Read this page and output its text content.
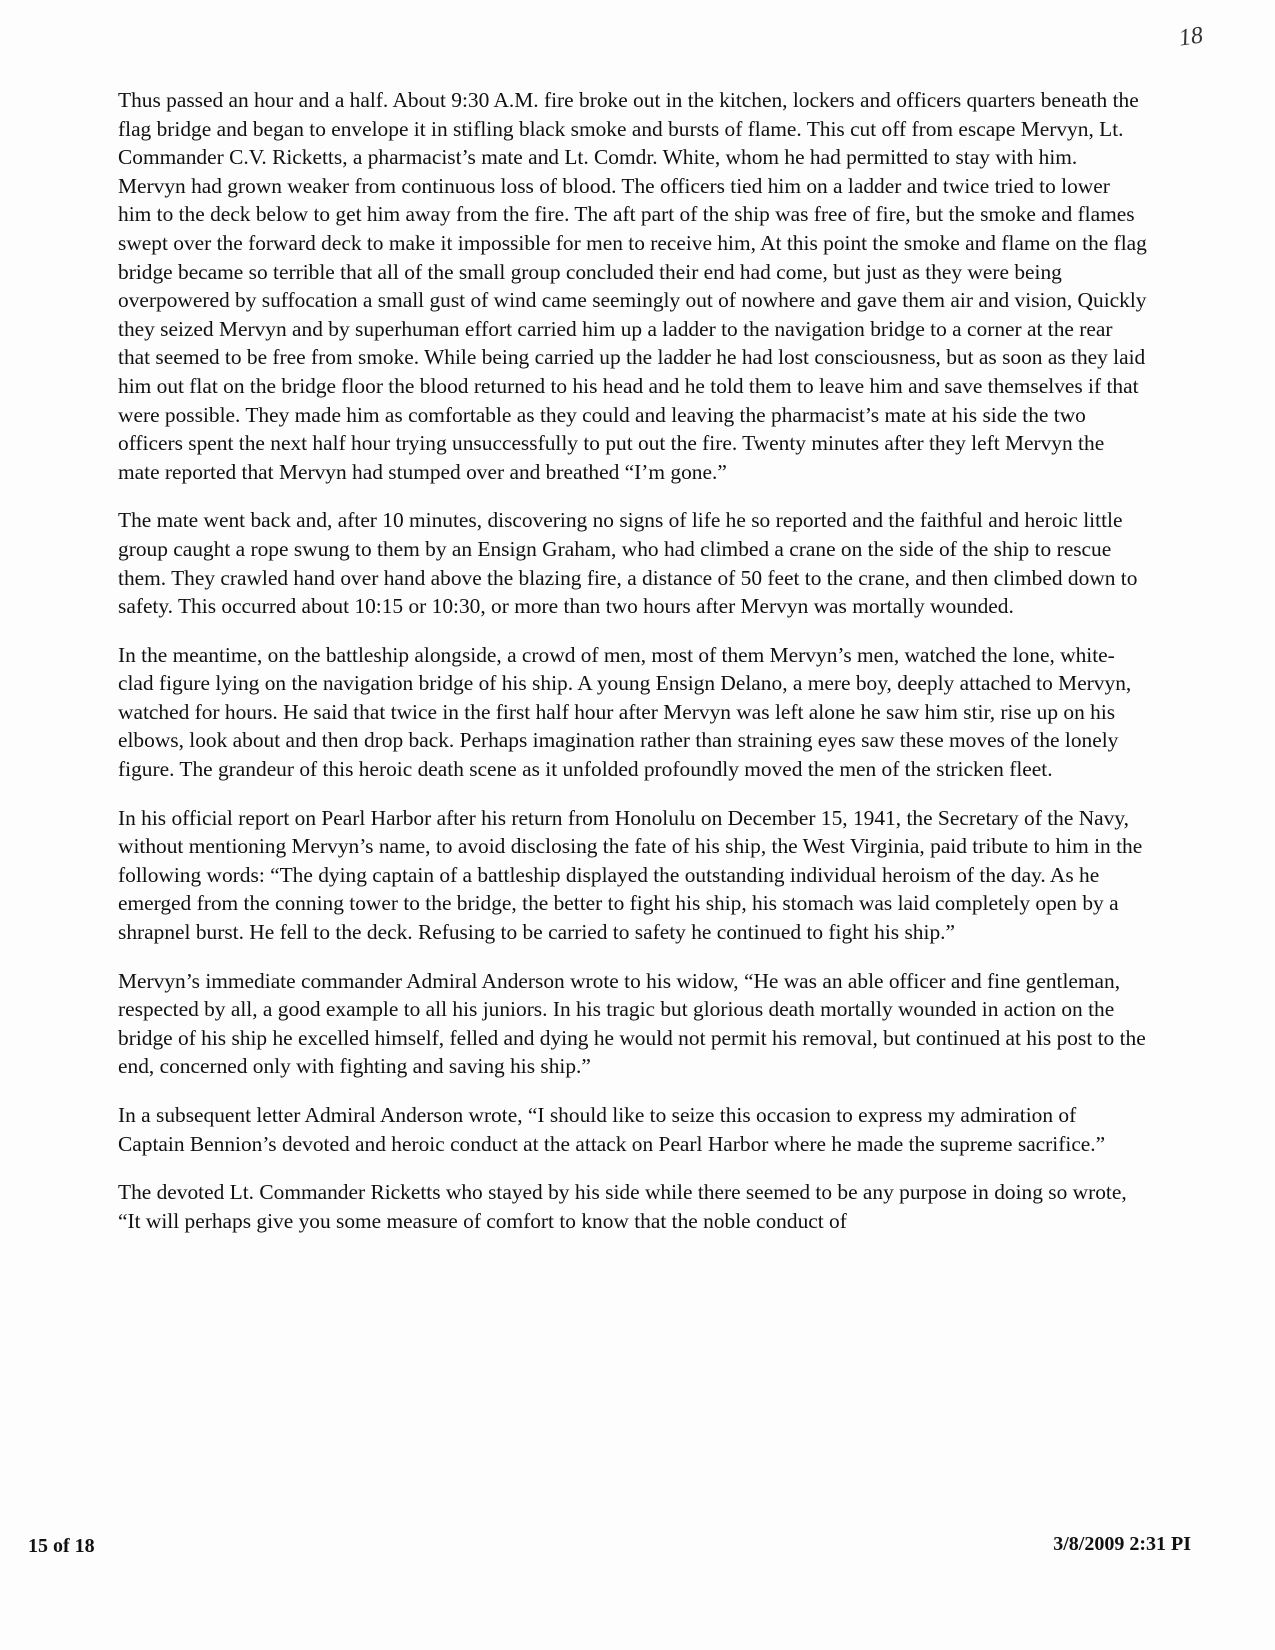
18

Thus passed an hour and a half. About 9:30 A.M. fire broke out in the kitchen, lockers and officers quarters beneath the flag bridge and began to envelope it in stifling black smoke and bursts of flame. This cut off from escape Mervyn, Lt. Commander C.V. Ricketts, a pharmacist’s mate and Lt. Comdr. White, whom he had permitted to stay with him. Mervyn had grown weaker from continuous loss of blood. The officers tied him on a ladder and twice tried to lower him to the deck below to get him away from the fire. The aft part of the ship was free of fire, but the smoke and flames swept over the forward deck to make it impossible for men to receive him, At this point the smoke and flame on the flag bridge became so terrible that all of the small group concluded their end had come, but just as they were being overpowered by suffocation a small gust of wind came seemingly out of nowhere and gave them air and vision, Quickly they seized Mervyn and by superhuman effort carried him up a ladder to the navigation bridge to a corner at the rear that seemed to be free from smoke. While being carried up the ladder he had lost consciousness, but as soon as they laid him out flat on the bridge floor the blood returned to his head and he told them to leave him and save themselves if that were possible. They made him as comfortable as they could and leaving the pharmacist’s mate at his side the two officers spent the next half hour trying unsuccessfully to put out the fire. Twenty minutes after they left Mervyn the mate reported that Mervyn had stumped over and breathed “I’m gone.”

The mate went back and, after 10 minutes, discovering no signs of life he so reported and the faithful and heroic little group caught a rope swung to them by an Ensign Graham, who had climbed a crane on the side of the ship to rescue them. They crawled hand over hand above the blazing fire, a distance of 50 feet to the crane, and then climbed down to safety. This occurred about 10:15 or 10:30, or more than two hours after Mervyn was mortally wounded.

In the meantime, on the battleship alongside, a crowd of men, most of them Mervyn’s men, watched the lone, white-clad figure lying on the navigation bridge of his ship. A young Ensign Delano, a mere boy, deeply attached to Mervyn, watched for hours. He said that twice in the first half hour after Mervyn was left alone he saw him stir, rise up on his elbows, look about and then drop back. Perhaps imagination rather than straining eyes saw these moves of the lonely figure. The grandeur of this heroic death scene as it unfolded profoundly moved the men of the stricken fleet.

In his official report on Pearl Harbor after his return from Honolulu on December 15, 1941, the Secretary of the Navy, without mentioning Mervyn’s name, to avoid disclosing the fate of his ship, the West Virginia, paid tribute to him in the following words: “The dying captain of a battleship displayed the outstanding individual heroism of the day. As he emerged from the conning tower to the bridge, the better to fight his ship, his stomach was laid completely open by a shrapnel burst. He fell to the deck. Refusing to be carried to safety he continued to fight his ship.”

Mervyn’s immediate commander Admiral Anderson wrote to his widow, “He was an able officer and fine gentleman, respected by all, a good example to all his juniors. In his tragic but glorious death mortally wounded in action on the bridge of his ship he excelled himself, felled and dying he would not permit his removal, but continued at his post to the end, concerned only with fighting and saving his ship.”

In a subsequent letter Admiral Anderson wrote, “I should like to seize this occasion to express my admiration of Captain Bennion’s devoted and heroic conduct at the attack on Pearl Harbor where he made the supreme sacrifice.”

The devoted Lt. Commander Ricketts who stayed by his side while there seemed to be any purpose in doing so wrote, “It will perhaps give you some measure of comfort to know that the noble conduct of

15 of 18	3/8/2009 2:31 PI
